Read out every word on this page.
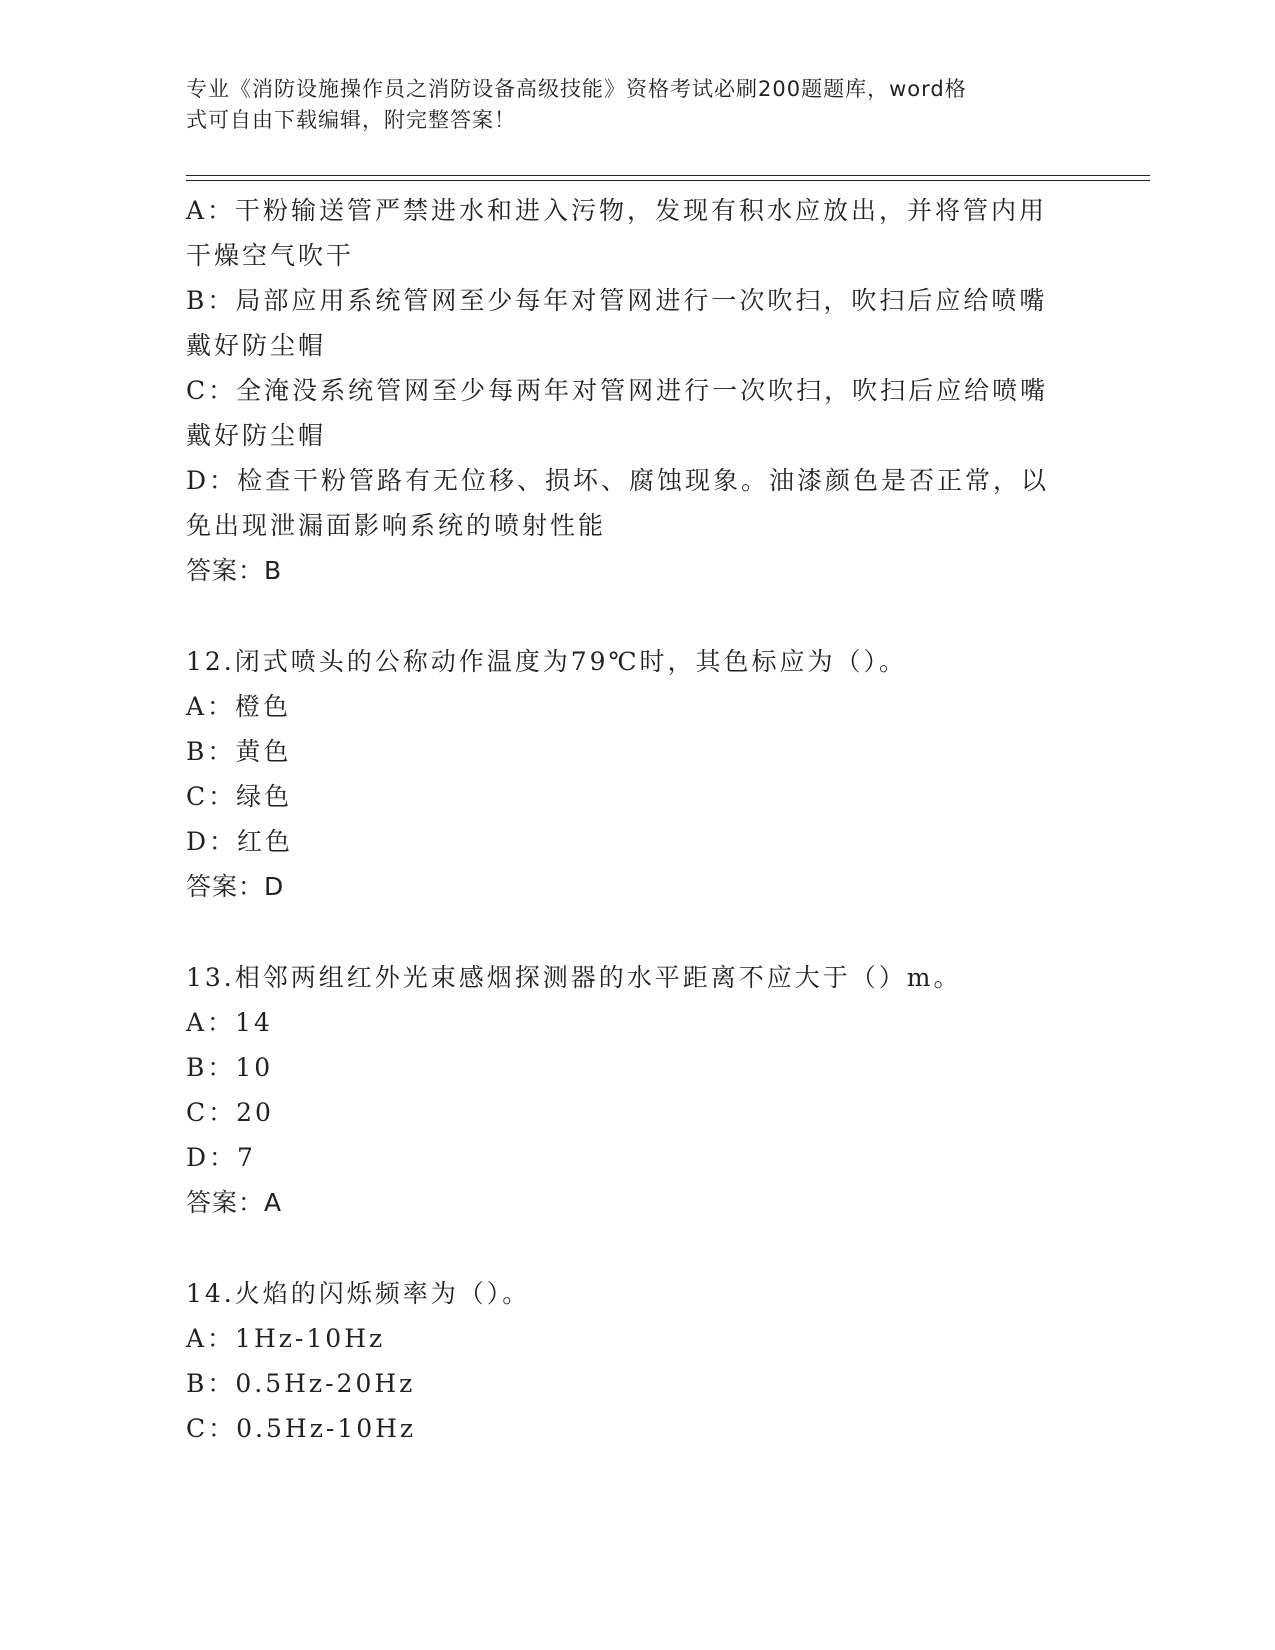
专业《消防设施操作员之消防设备高级技能》资格考试必刷200题题库，word格
式可自由下载编辑，附完整答案！
A：干粉输送管严禁进水和进入污物，发现有积水应放出，并将管内用
干燥空气吹干
B：局部应用系统管网至少每年对管网进行一次吹扫，吹扫后应给喷嘴
戴好防尘帽
C：全淹没系统管网至少每两年对管网进行一次吹扫，吹扫后应给喷嘴
戴好防尘帽
D：检查干粉管路有无位移、损坏、腐蚀现象。油漆颜色是否正常，以
免出现泄漏面影响系统的喷射性能
答案：B
12.闭式喷头的公称动作温度为79℃时，其色标应为（）。
A：橙色
B：黄色
C：绿色
D：红色
答案：D
13.相邻两组红外光束感烟探测器的水平距离不应大于（）m。
A：14
B：10
C：20
D：7
答案：A
14.火焰的闪烁频率为（）。
A：1Hz-10Hz
B：0.5Hz-20Hz
C：0.5Hz-10Hz
